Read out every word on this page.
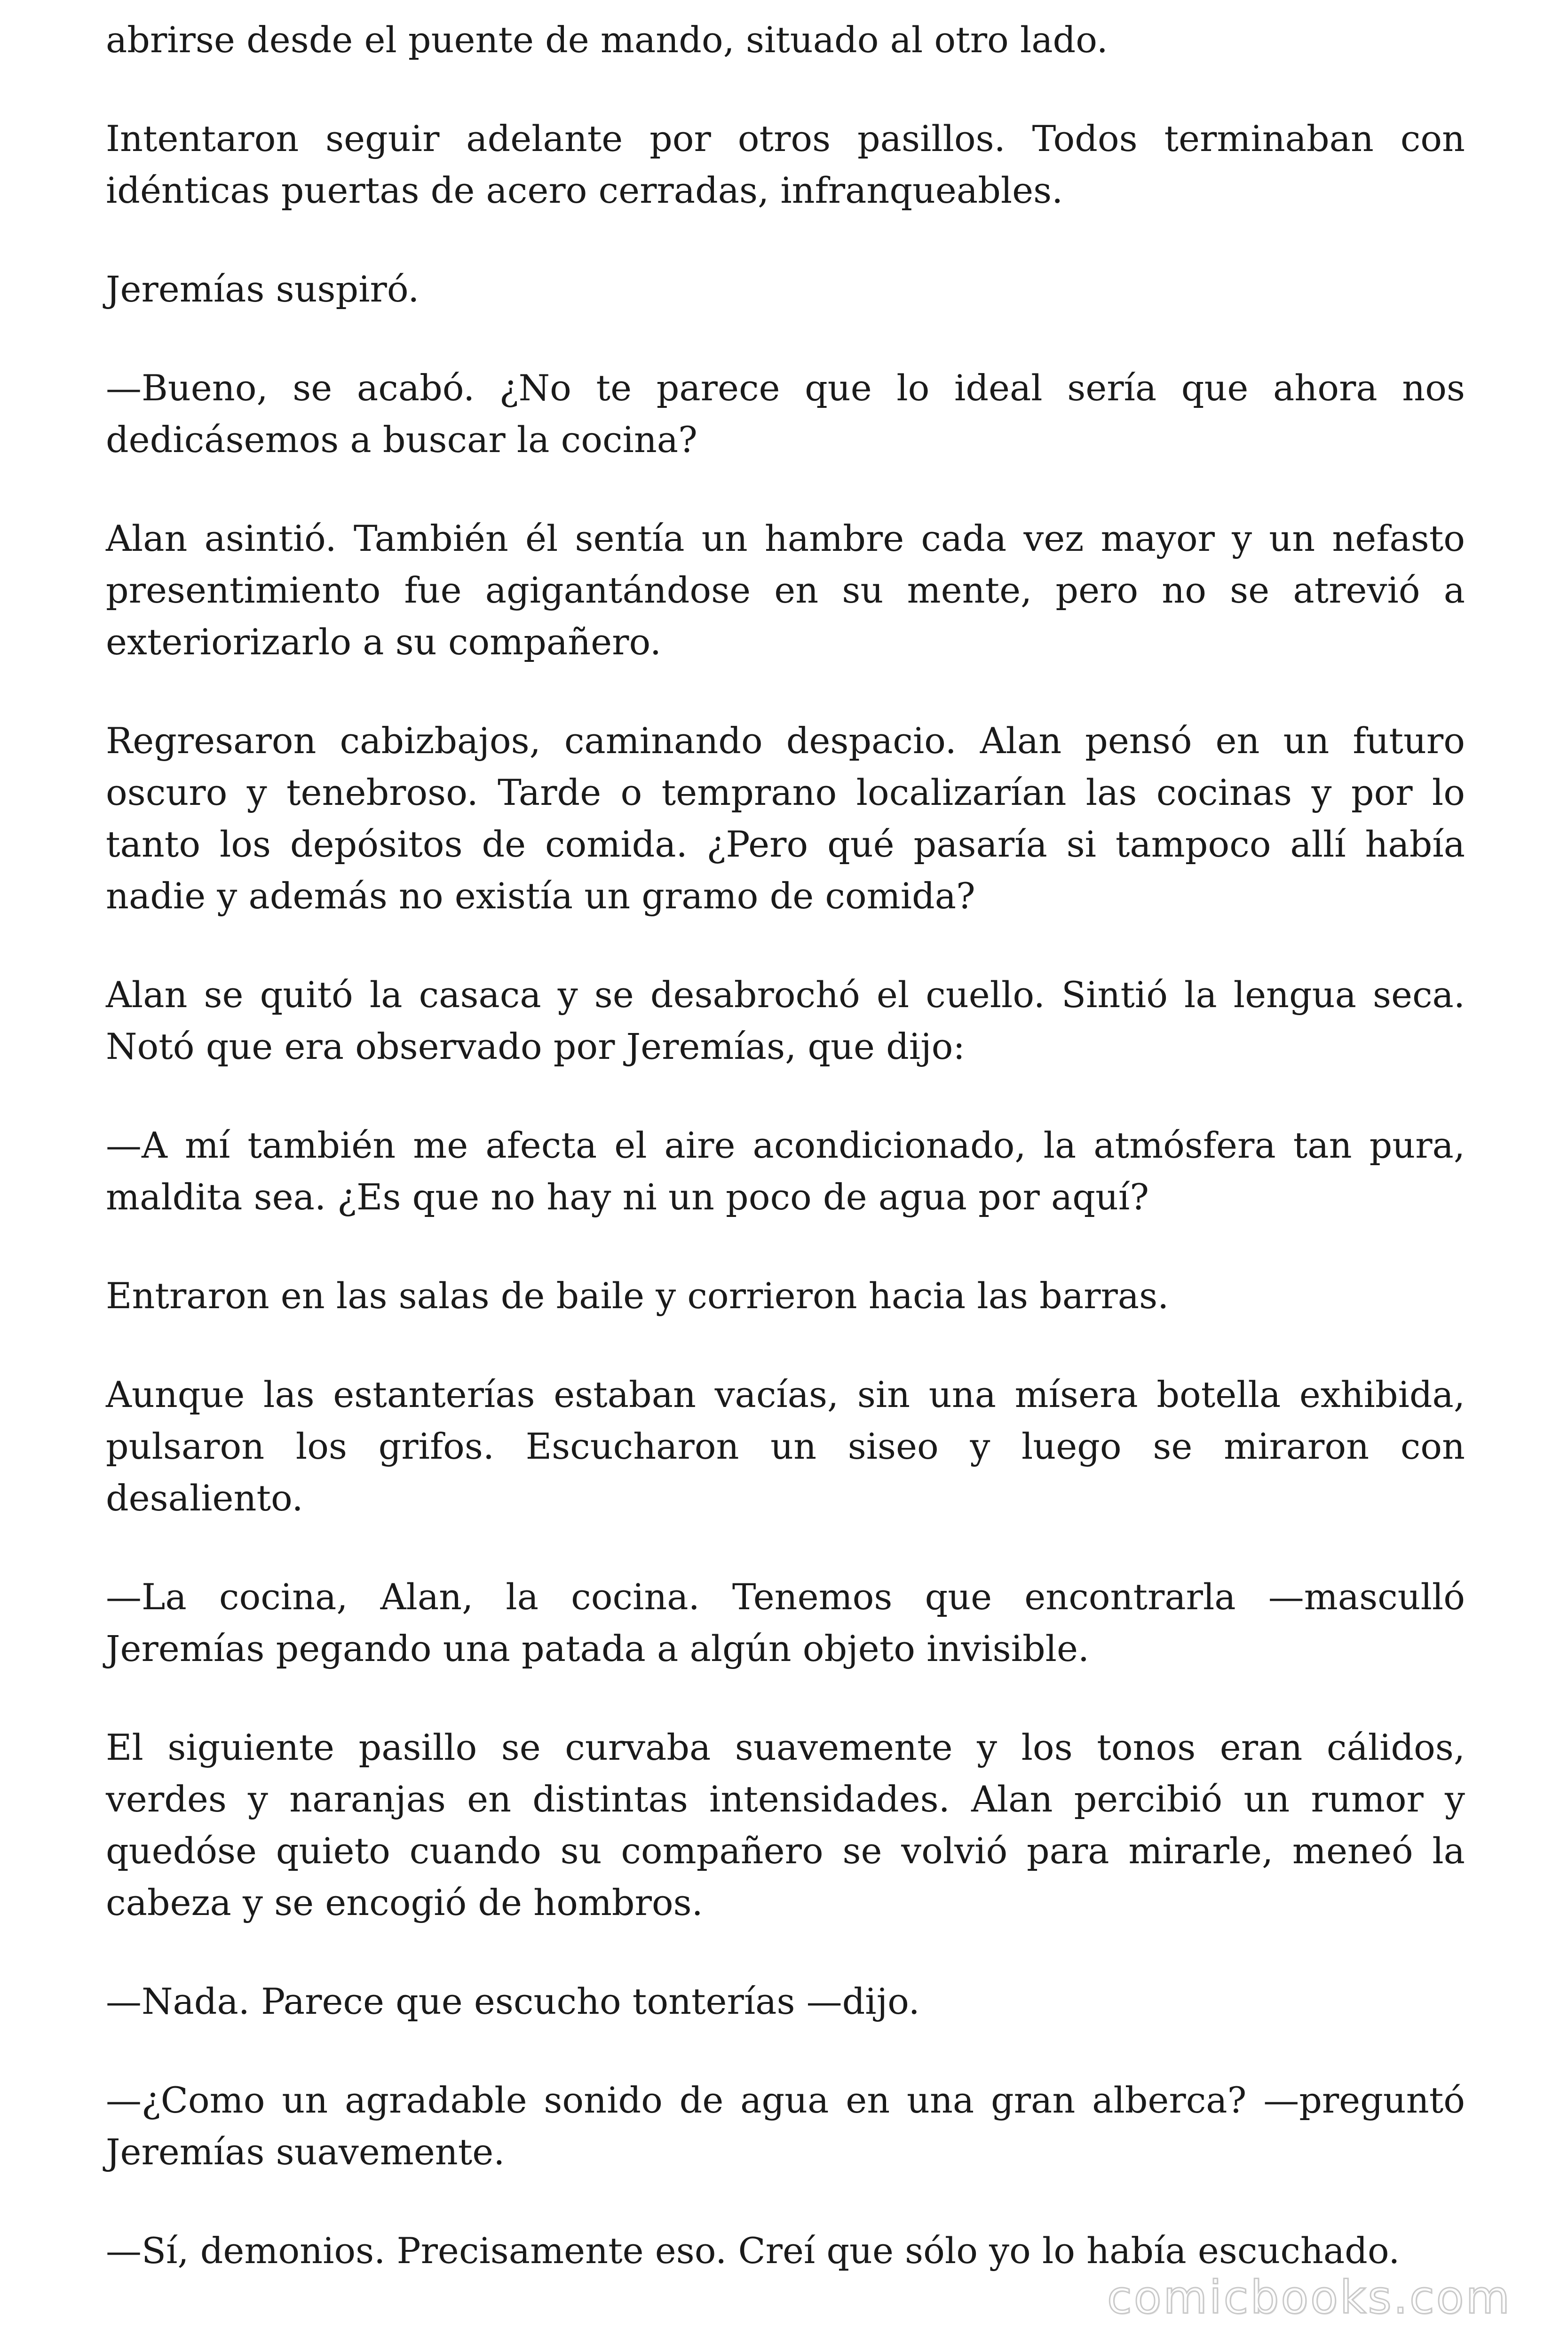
abrirse desde el puente de mando, situado al otro lado.

Intentaron seguir adelante por otros pasillos. Todos terminaban con idénticas puertas de acero cerradas, infranqueables.

Jeremías suspiró.

—Bueno, se acabó. ¿No te parece que lo ideal sería que ahora nos dedicásemos a buscar la cocina?

Alan asintió. También él sentía un hambre cada vez mayor y un nefasto presentimiento fue agigantándose en su mente, pero no se atrevió a exteriorizarlo a su compañero.

Regresaron cabizbajos, caminando despacio. Alan pensó en un futuro oscuro y tenebroso. Tarde o temprano localizarían las cocinas y por lo tanto los depósitos de comida. ¿Pero qué pasaría si tampoco allí había nadie y además no existía un gramo de comida?

Alan se quitó la casaca y se desabrochó el cuello. Sintió la lengua seca. Notó que era observado por Jeremías, que dijo:

—A mí también me afecta el aire acondicionado, la atmósfera tan pura, maldita sea. ¿Es que no hay ni un poco de agua por aquí?

Entraron en las salas de baile y corrieron hacia las barras.

Aunque las estanterías estaban vacías, sin una mísera botella exhibida, pulsaron los grifos. Escucharon un siseo y luego se miraron con desaliento.

—La cocina, Alan, la cocina. Tenemos que encontrarla —masculló Jeremías pegando una patada a algún objeto invisible.

El siguiente pasillo se curvaba suavemente y los tonos eran cálidos, verdes y naranjas en distintas intensidades. Alan percibió un rumor y quedóse quieto cuando su compañero se volvió para mirarle, meneó la cabeza y se encogió de hombros.

—Nada. Parece que escucho tonterías —dijo.

—¿Como un agradable sonido de agua en una gran alberca? —preguntó Jeremías suavemente.

—Sí, demonios. Precisamente eso. Creí que sólo yo lo había escuchado.

comicbooks.com
